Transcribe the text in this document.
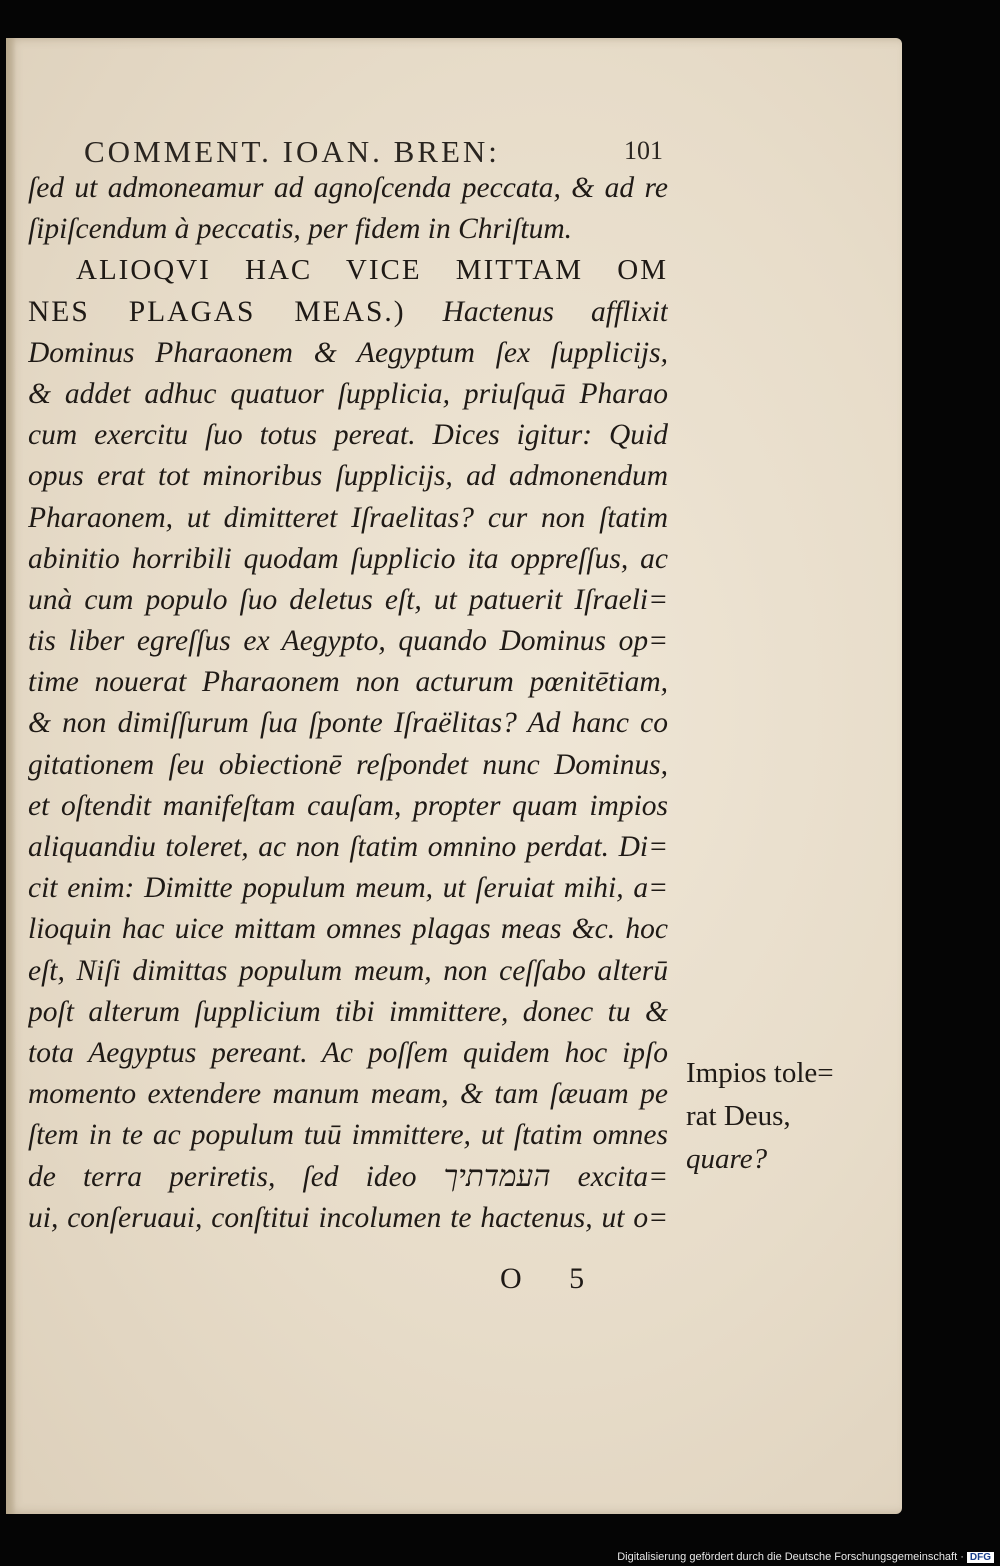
COMMENT. IOAN. BREN:	101
ſed ut admoneamur ad agnoſcenda peccata, & ad re
ſipiſcendum à peccatis, per fidem in Chriſtum.
ALIOQVI HAC VICE MITTAM OM
NES PLAGAS MEAS.) Hactenus afflixit
Dominus Pharaonem & Aegyptum ſex ſupplicijs,
& addet adhuc quatuor ſupplicia, priuſquā Pharao
cum exercitu ſuo totus pereat. Dices igitur: Quid
opus erat tot minoribus ſupplicijs, ad admonendum
Pharaonem, ut dimitteret Iſraelitas? cur non ſtatim
abinitio horribili quodam ſupplicio ita oppreſſus, ac
unà cum populo ſuo deletus eſt, ut patuerit Iſraeli=
tis liber egreſſus ex Aegypto, quando Dominus op=
time nouerat Pharaonem non acturum pœnitētiam,
& non dimiſſurum ſua ſponte Iſraëlitas? Ad hanc co
gitationem ſeu obiectionē reſpondet nunc Dominus,
et oſtendit manifeſtam cauſam, propter quam impios
aliquandiu toleret, ac non ſtatim omnino perdat. Di=
cit enim: Dimitte populum meum, ut ſeruiat mihi, a=
lioquin hac uice mittam omnes plagas meas &c. hoc
eſt, Niſi dimittas populum meum, non ceſſabo alterū
poſt alterum ſupplicium tibi immittere, donec tu &
tota Aegyptus pereant. Ac poſſem quidem hoc ipſo
momento extendere manum meam, & tam ſæuam pe
ſtem in te ac populum tuū immittere, ut ſtatim omnes
de terra periretis, ſed ideo העמדתיך excita=
ui, conſeruaui, conſtitui incolumen te hactenus, ut o=
Impios tole=
rat Deus,
quare?
O 5
Digitalisierung gefördert durch die Deutsche Forschungsgemeinschaft · DFG
